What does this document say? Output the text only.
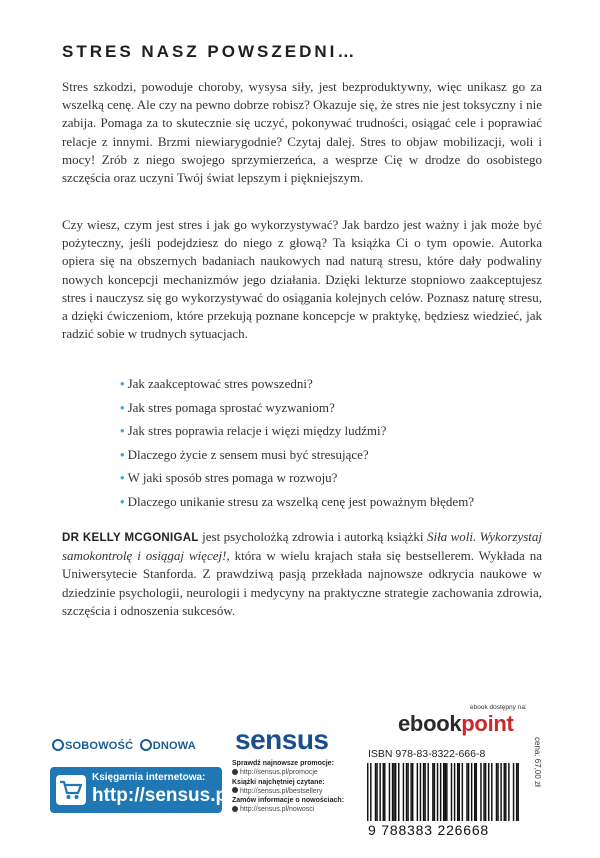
STRES NASZ POWSZEDNI…

Stres szkodzi, powoduje choroby, wysysa siły, jest bezproduktywny, więc unikasz go za wszelką cenę. Ale czy na pewno dobrze robisz? Okazuje się, że stres nie jest toksyczny i nie zabija. Pomaga za to skutecznie się uczyć, pokonywać trudności, osiągać cele i poprawiać relacje z innymi. Brzmi niewiarygodnie? Czytaj dalej. Stres to objaw mobilizacji, woli i mocy! Zrób z niego swojego sprzymierzeńca, a wesprze Cię w drodze do osobistego szczęścia oraz uczyni Twój świat lepszym i piękniejszym.

Czy wiesz, czym jest stres i jak go wykorzystywać? Jak bardzo jest ważny i jak może być pożyteczny, jeśli podejdziesz do niego z głową? Ta książka Ci o tym opowie. Autorka opiera się na obszernych badaniach naukowych nad naturą stresu, które dały podwaliny nowych koncepcji mechanizmów jego działania. Dzięki lekturze stopniowo zaakceptujesz stres i nauczysz się go wykorzystywać do osiągania kolejnych celów. Poznasz naturę stresu, a dzięki ćwiczeniom, które przekują poznane koncepcje w praktykę, będziesz wiedzieć, jak radzić sobie w trudnych sytuacjach.

• Jak zaakceptować stres powszedni?
• Jak stres pomaga sprostać wyzwaniom?
• Jak stres poprawia relacje i więzi między ludźmi?
• Dlaczego życie z sensem musi być stresujące?
• W jaki sposób stres pomaga w rozwoju?
• Dlaczego unikanie stresu za wszelką cenę jest poważnym błędem?

DR KELLY MCGONIGAL jest psycholożką zdrowia i autorką książki Siła woli. Wykorzystaj samokontrolę i osiągaj więcej!, która w wielu krajach stała się bestsellerem. Wykłada na Uniwersytecie Stanforda. Z prawdziwą pasją przekłada najnowsze odkrycia naukowe w dziedzinie psychologii, neurologii i medycyny na praktyczne strategie zachowania zdrowia, szczęścia i odnoszenia sukcesów.

SOBOWOŚĆ DNOWA
Księgarnia internetowa:
http://sensus.pl
sensus
Sprawdź najnowsze promocje:
http://sensus.pl/promocje
Książki najchętniej czytane:
http://sensus.pl/bestsellery
Zamów informacje o nowościach:
http://sensus.pl/nowosci
ebook dostępny na:
ebookpoint
ISBN 978-83-8322-666-8
9 788383 226668
cena: 67,00 zł
